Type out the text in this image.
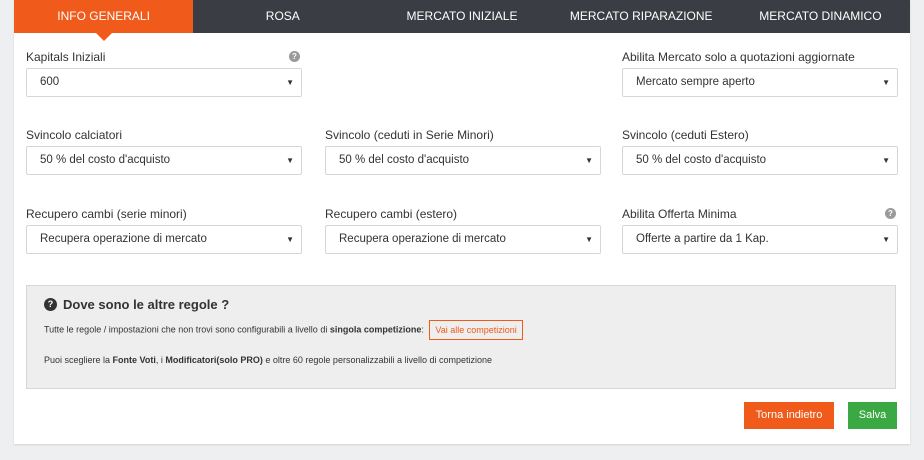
INFO GENERALI	ROSA	MERCATO INIZIALE	MERCATO RIPARAZIONE	MERCATO DINAMICO
Kapitals Iniziali	?
600	▼
Abilita Mercato solo a quotazioni aggiornate
Mercato sempre aperto	▼
Svincolo calciatori
50 % del costo d'acquisto	▼
Svincolo (ceduti in Serie Minori)
50 % del costo d'acquisto	▼
Svincolo (ceduti Estero)
50 % del costo d'acquisto	▼
Recupero cambi (serie minori)
Recupera operazione di mercato	▼
Recupero cambi (estero)
Recupera operazione di mercato	▼
Abilita Offerta Minima	?
Offerte a partire da 1 Kap.	▼
? Dove sono le altre regole ?
Tutte le regole / impostazioni che non trovi sono configurabili a livello di singola competizione: Vai alle competizioni
Puoi scegliere la Fonte Voti, i Modificatori(solo PRO) e oltre 60 regole personalizzabili a livello di competizione
Torna indietro	Salva
